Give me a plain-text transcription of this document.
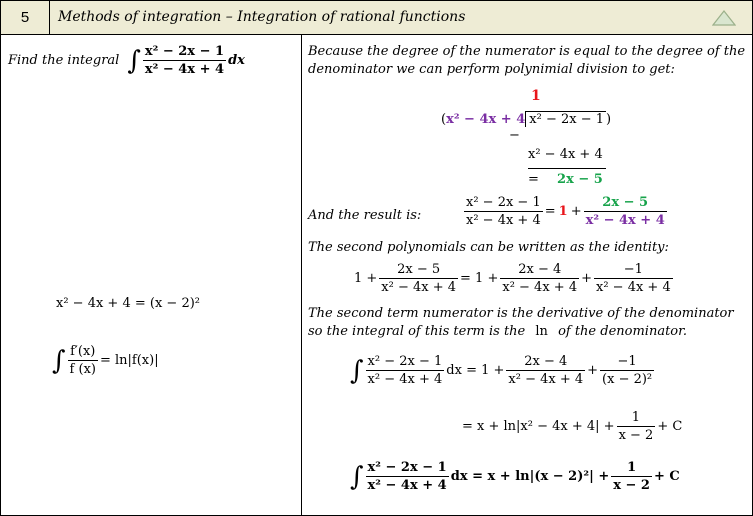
5	Methods of integration – Integration of rational functions
Find the integral ∫ $\frac{\text{x² − 2x − 1}}{\text{x² − 4x + 4}}$ dx
x² − 4x + 4 = (x − 2)²
∫ $\frac{f'(x)}{f (x)} = \ln|f(x)|$
Because the degree of the numerator is equal to the degree of the
denominator we can perform polynimial division to get:
1
(x² − 4x + 4 x² − 2x − 1 )
−
x² − 4x + 4
= 2x − 5
And the result is:	$\frac{\text{x² − 2x − 1}}{\text{x² − 4x + 4}} = 1 + \frac{2x - 5}{\text{x² − 4x + 4}}$
The second polynomials can be written as the identity:
$1 + \frac{2x - 5}{\text{x² − 4x + 4}} = 1 + \frac{2x - 4}{\text{x² − 4x + 4}} + \frac{-1}{\text{x² − 4x + 4}}$
The second term numerator is the derivative of the denominator
so the integral of this term is the ln of the denominator.
∫ $\frac{\text{x² − 2x − 1}}{\text{x² − 4x + 4}}$ dx = $1 + \frac{2x - 4}{\text{x² − 4x + 4}} + \frac{-1}{\text{(x − 2)²}}$
= $x + \ln|x^2 - 4x + 4| + \frac{1}{x - 2} + C$
∫ $\frac{\text{x² − 2x − 1}}{\text{x² − 4x + 4}}$ dx = $x + \ln|(x - 2)^2| + \frac{1}{x - 2} + C$
